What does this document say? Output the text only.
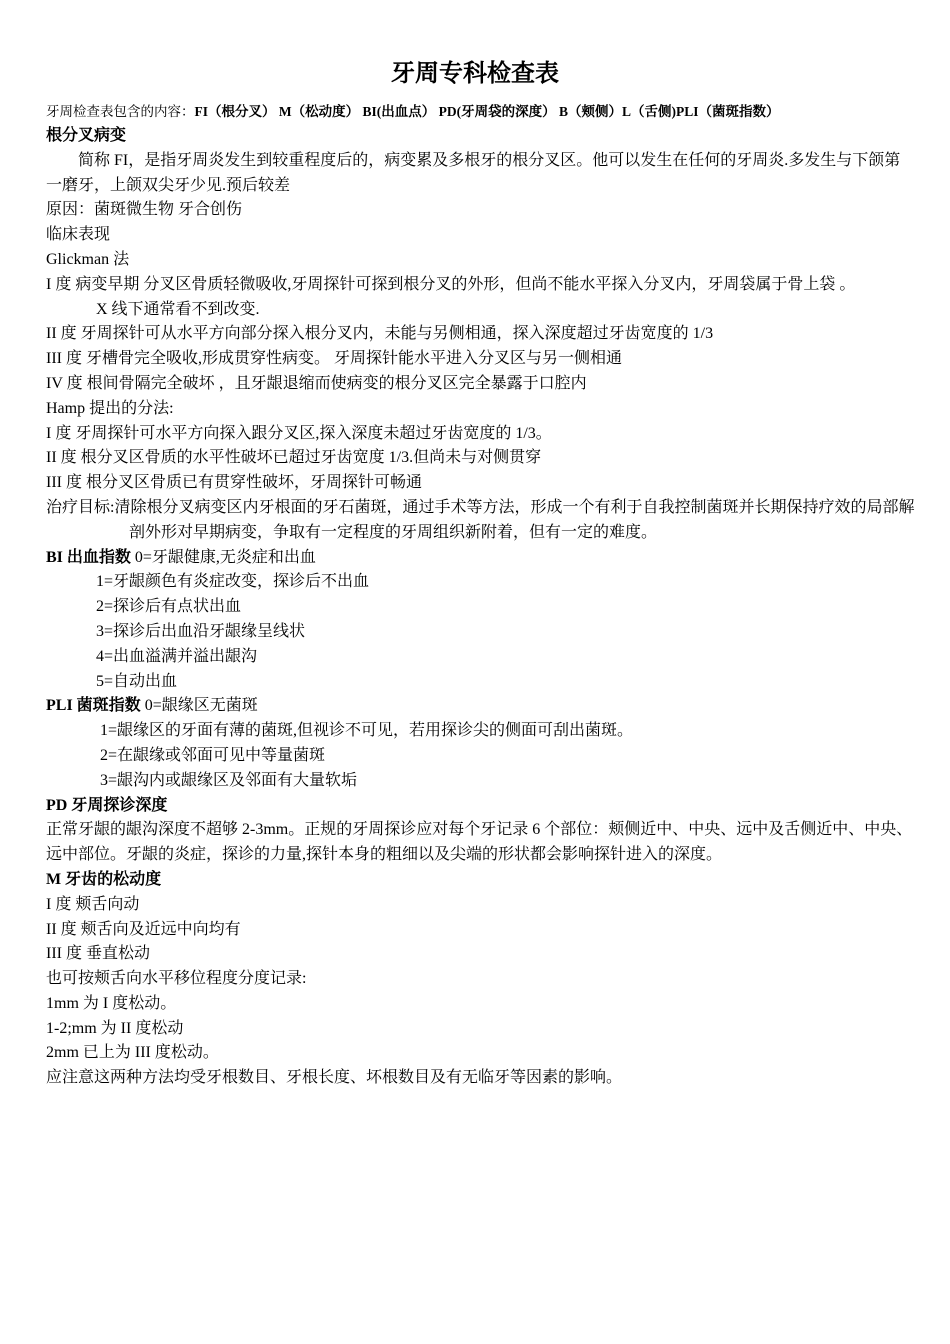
牙周专科检查表
牙周检查表包含的内容：FI（根分叉） M（松动度） BI(出血点） PD(牙周袋的深度） B（颊侧）L（舌侧)PLI（菌斑指数）
根分叉病变
简称 FI，是指牙周炎发生到较重程度后的，病变累及多根牙的根分叉区。他可以发生在任何的牙周炎.多发生与下颌第一磨牙，上颌双尖牙少见.预后较差
原因：菌斑微生物 牙合创伤
临床表现
Glickman 法
I 度 病变早期 分叉区骨质轻微吸收,牙周探针可探到根分叉的外形，但尚不能水平探入分叉内，牙周袋属于骨上袋 。
X 线下通常看不到改变.
II 度 牙周探针可从水平方向部分探入根分叉内，未能与另侧相通，探入深度超过牙齿宽度的 1/3
III 度 牙槽骨完全吸收,形成贯穿性病变。 牙周探针能水平进入分叉区与另一侧相通
IV 度 根间骨隔完全破坏 ，且牙龈退缩而使病变的根分叉区完全暴露于口腔内
Hamp 提出的分法:
I 度 牙周探针可水平方向探入跟分叉区,探入深度未超过牙齿宽度的 1/3。
II 度 根分叉区骨质的水平性破坏已超过牙齿宽度 1/3.但尚未与对侧贯穿
III 度 根分叉区骨质已有贯穿性破坏，牙周探针可畅通
治疗目标:清除根分叉病变区内牙根面的牙石菌斑，通过手术等方法，形成一个有利于自我控制菌斑并长期保持疗效的局部解剖外形对早期病变，争取有一定程度的牙周组织新附着，但有一定的难度。
BI 出血指数 0=牙龈健康,无炎症和出血
1=牙龈颜色有炎症改变，探诊后不出血
2=探诊后有点状出血
3=探诊后出血沿牙龈缘呈线状
4=出血溢满并溢出龈沟
5=自动出血
PLI 菌斑指数 0=龈缘区无菌斑
1=龈缘区的牙面有薄的菌斑,但视诊不可见，若用探诊尖的侧面可刮出菌斑。
2=在龈缘或邻面可见中等量菌斑
3=龈沟内或龈缘区及邻面有大量软垢
PD 牙周探诊深度
正常牙龈的龈沟深度不超够 2-3mm。正规的牙周探诊应对每个牙记录 6 个部位：颊侧近中、中央、远中及舌侧近中、中央、远中部位。牙龈的炎症，探诊的力量,探针本身的粗细以及尖端的形状都会影响探针进入的深度。
M 牙齿的松动度
I 度 颊舌向动
II 度 颊舌向及近远中向均有
III 度 垂直松动
也可按颊舌向水平移位程度分度记录:
1mm 为 I 度松动。
1-2;mm 为 II 度松动
2mm 已上为 III 度松动。
应注意这两种方法均受牙根数目、牙根长度、坏根数目及有无临牙等因素的影响。
